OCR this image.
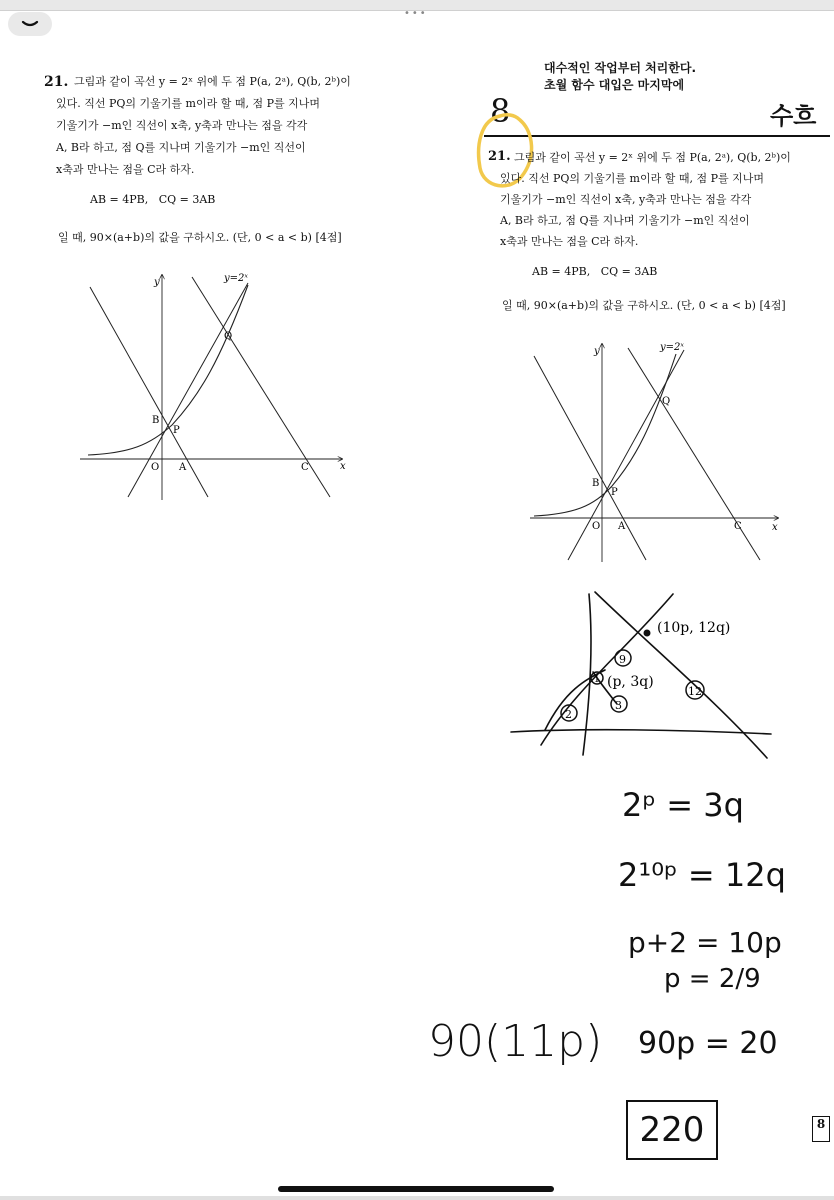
•••
21. 그림과 같이 곡선 y = 2ˣ 위에 두 점 P(a, 2ᵃ), Q(b, 2ᵇ)이
있다. 직선 PQ의 기울기를 m이라 할 때, 점 P를 지나며
기울기가 −m인 직선이 x축, y축과 만나는 점을 각각
A, B라 하고, 점 Q를 지나며 기울기가 −m인 직선이
x축과 만나는 점을 C라 하자.
AB = 4PB,   CQ = 3AB
일 때, 90×(a+b)의 값을 구하시오. (단, 0 < a < b) [4점]
y=2ˣ
y
x
O A
B
P
Q
C
대수적인 작업부터 처리한다.
초월 함수 대입은 마지막에
8	수흐
21. 그림과 같이 곡선 y = 2ˣ 위에 두 점 P(a, 2ᵃ), Q(b, 2ᵇ)이
있다. 직선 PQ의 기울기를 m이라 할 때, 점 P를 지나며
기울기가 −m인 직선이 x축, y축과 만나는 점을 각각
A, B라 하고, 점 Q를 지나며 기울기가 −m인 직선이
x축과 만나는 점을 C라 하자.
AB = 4PB,   CQ = 3AB
일 때, 90×(a+b)의 값을 구하시오. (단, 0 < a < b) [4점]
y=2ˣ
y
x
O A
B
P
Q
C
(10p, 12q)
(p, 3q)
2
3
9
12
1
2ᵖ = 3q
2¹⁰ᵖ = 12q
p+2 = 10p
p = 2/9
90p = 20
90(11p)
220	8
